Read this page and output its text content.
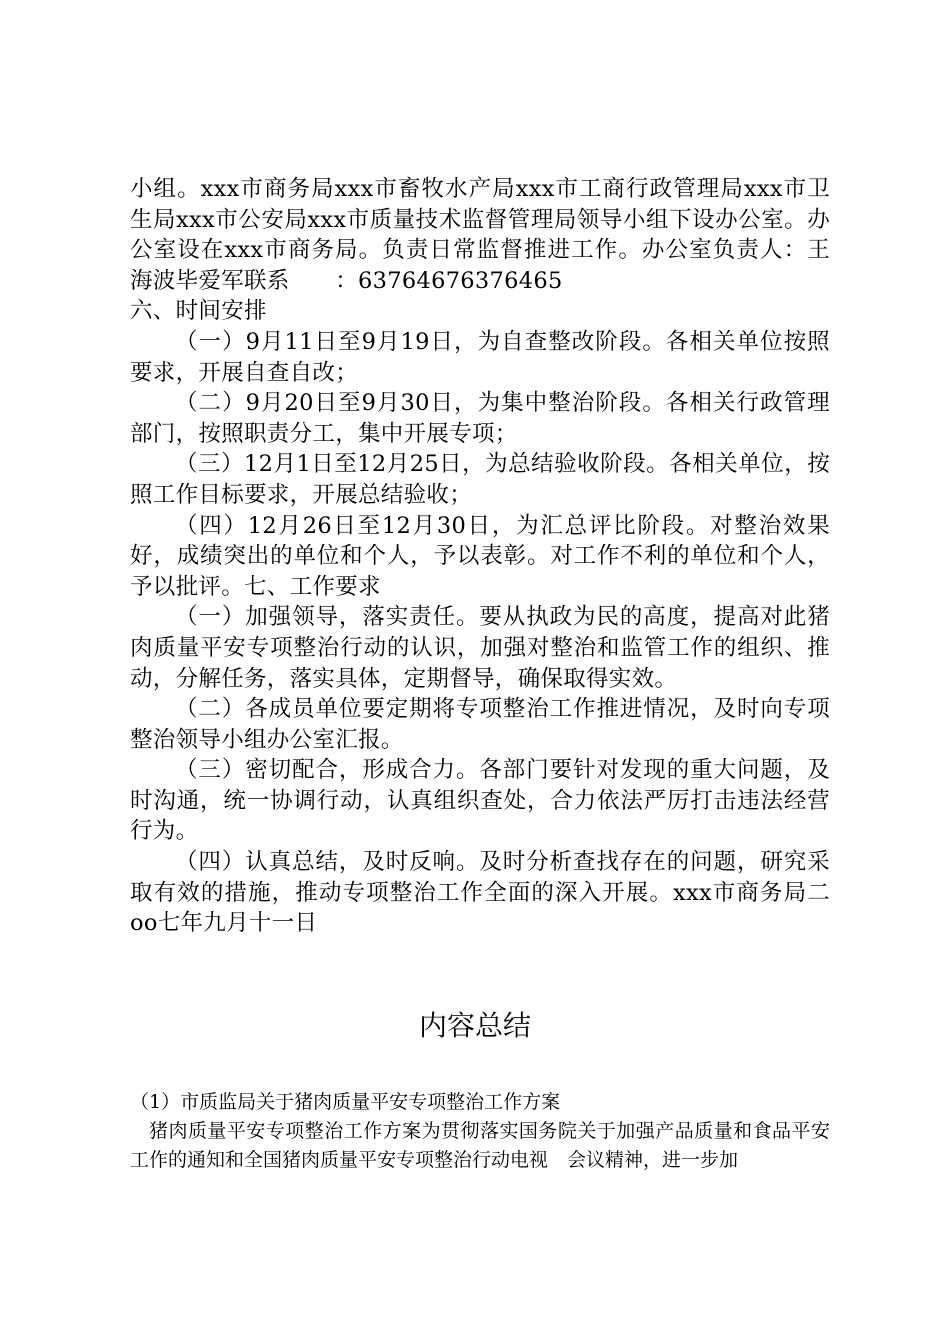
小组。xxx市商务局xxx市畜牧水产局xxx市工商行政管理局xxx市卫生局xxx市公安局xxx市质量技术监督管理局领导小组下设办公室。办公室设在xxx市商务局。负责日常监督推进工作。办公室负责人：王海波毕爱军联系　　：63764676376465

六、时间安排

（一）9月11日至9月19日，为自查整改阶段。各相关单位按照要求，开展自查自改；

（二）9月20日至9月30日，为集中整治阶段。各相关行政管理部门，按照职责分工，集中开展专项；

（三）12月1日至12月25日，为总结验收阶段。各相关单位，按照工作目标要求，开展总结验收；

（四）12月26日至12月30日，为汇总评比阶段。对整治效果好，成绩突出的单位和个人，予以表彰。对工作不利的单位和个人，予以批评。七、工作要求

（一）加强领导，落实责任。要从执政为民的高度，提高对此猪肉质量平安专项整治行动的认识，加强对整治和监管工作的组织、推动，分解任务，落实具体，定期督导，确保取得实效。

（二）各成员单位要定期将专项整治工作推进情况，及时向专项整治领导小组办公室汇报。

（三）密切配合，形成合力。各部门要针对发现的重大问题，及时沟通，统一协调行动，认真组织查处，合力依法严厉打击违法经营行为。

（四）认真总结，及时反响。及时分析查找存在的问题，研究采取有效的措施，推动专项整治工作全面的深入开展。xxx市商务局二oo七年九月十一日

内容总结

（1）市质监局关于猪肉质量平安专项整治工作方案

猪肉质量平安专项整治工作方案为贯彻落实国务院关于加强产品质量和食品平安工作的通知和全国猪肉质量平安专项整治行动电视　会议精神，进一步加
